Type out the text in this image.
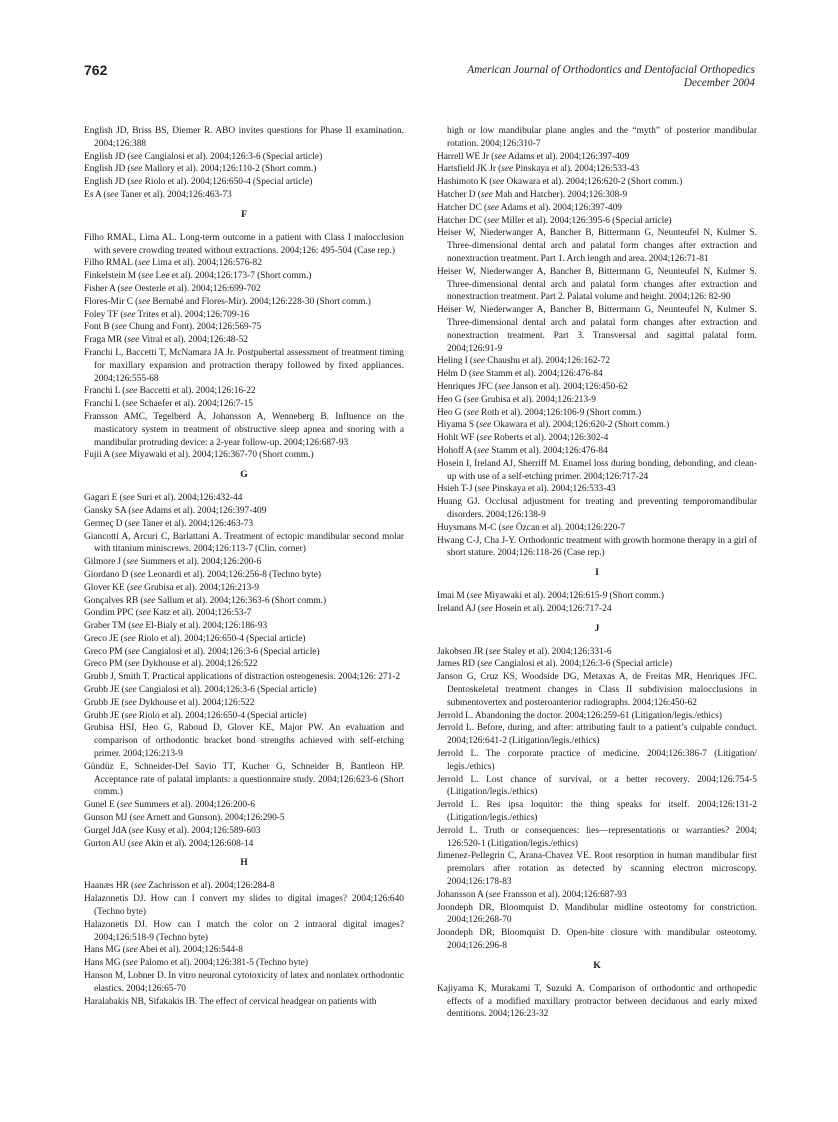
762	American Journal of Orthodontics and Dentofacial Orthopedics
December 2004
English JD, Briss BS, Diemer R. ABO invites questions for Phase II examination. 2004;126:388
English JD (see Cangialosi et al). 2004;126:3-6 (Special article)
English JD (see Mallory et al). 2004;126:110-2 (Short comm.)
English JD (see Riolo et al). 2004;126:650-4 (Special article)
Es A (see Taner et al). 2004;126:463-73
F
Filho RMAL, Lima AL. Long-term outcome in a patient with Class I malocclusion with severe crowding treated without extractions. 2004;126: 495-504 (Case rep.)
Filho RMAL (see Lima et al). 2004;126:576-82
Finkelstein M (see Lee et al). 2004;126:173-7 (Short comm.)
Fisher A (see Oesterle et al). 2004;126:699-702
Flores-Mir C (see Bernabé and Flores-Mir). 2004;126:228-30 (Short comm.)
Foley TF (see Trites et al). 2004;126:709-16
Font B (see Chung and Font). 2004;126:569-75
Fraga MR (see Vitral et al). 2004;126:48-52
Franchi L, Baccetti T, McNamara JA Jr. Postpubertal assessment of treatment timing for maxillary expansion and protraction therapy followed by fixed appliances. 2004;126:555-68
Franchi L (see Baccetti et al). 2004;126:16-22
Franchi L (see Schaefer et al). 2004;126:7-15
Fransson AMC, Tegelberd Å, Johansson A, Wenneberg B. Influence on the masticatory system in treatment of obstructive sleep apnea and snoring with a mandibular protruding device: a 2-year follow-up. 2004;126:687-93
Fujii A (see Miyawaki et al). 2004;126:367-70 (Short comm.)
G
Gagari E (see Suri et al). 2004;126:432-44
Gansky SA (see Adams et al). 2004;126:397-409
Germeç D (see Taner et al). 2004;126:463-73
Giancotti A, Arcuri C, Barlattani A. Treatment of ectopic mandibular second molar with titanium miniscrews. 2004;126:113-7 (Clin. corner)
Gilmore J (see Summers et al). 2004;126:200-6
Giordano D (see Leonardi et al). 2004;126:256-8 (Techno byte)
Glover KE (see Grubisa et al). 2004;126:213-9
Gonçalves RB (see Sallum et al). 2004;126:363-6 (Short comm.)
Gondim PPC (see Katz et al). 2004;126:53-7
Graber TM (see El-Bialy et al). 2004;126:186-93
Greco JE (see Riolo et al). 2004;126:650-4 (Special article)
Greco PM (see Cangialosi et al). 2004;126:3-6 (Special article)
Greco PM (see Dykhouse et al). 2004;126:522
Grubb J, Smith T. Practical applications of distraction osteogenesis. 2004;126: 271-2
Grubb JE (see Cangialosi et al). 2004;126:3-6 (Special article)
Grubb JE (see Dykhouse et al). 2004;126:522
Grubb JE (see Riolo et al). 2004;126:650-4 (Special article)
Grubisa HSI, Heo G, Raboud D, Glover KE, Major PW. An evaluation and comparison of orthodontic bracket bond strengths achieved with self-etching primer. 2004;126:213-9
Gündüz E, Schneider-Del Savio TT, Kucher G, Schneider B, Bantleon HP. Acceptance rate of palatal implants: a questionnaire study. 2004;126:623-6 (Short comm.)
Gunel E (see Summers et al). 2004;126:200-6
Gunson MJ (see Arnett and Gunson). 2004;126:290-5
Gurgel JdA (see Kusy et al). 2004;126:589-603
Gurton AU (see Akin et al). 2004;126:608-14
H
Haanæs HR (see Zachrisson et al). 2004;126:284-8
Halazonetis DJ. How can I convert my slides to digital images? 2004;126:640 (Techno byte)
Halazonetis DJ. How can I match the color on 2 intraoral digital images? 2004;126:518-9 (Techno byte)
Hans MG (see Abei et al). 2004;126:544-8
Hans MG (see Palomo et al). 2004;126:381-5 (Techno byte)
Hanson M, Lobner D. In vitro neuronal cytotoxicity of latex and nonlatex orthodontic elastics. 2004;126:65-70
Haralabakis NB, Sifakakis IB. The effect of cervical headgear on patients with
high or low mandibular plane angles and the “myth” of posterior mandibular rotation. 2004;126:310-7
Harrell WE Jr (see Adams et al). 2004;126:397-409
Hartsfield JK Jr (see Pinskaya et al). 2004;126:533-43
Hashimoto K (see Okawara et al). 2004;126:620-2 (Short comm.)
Hatcher D (see Mah and Hatcher). 2004;126:308-9
Hatcher DC (see Adams et al). 2004;126:397-409
Hatcher DC (see Miller et al). 2004;126:395-6 (Special article)
Heiser W, Niederwanger A, Bancher B, Bittermann G, Neunteufel N, Kulmer S. Three-dimensional dental arch and palatal form changes after extraction and nonextraction treatment. Part 1. Arch length and area. 2004;126:71-81
Heiser W, Niederwanger A, Bancher B, Bittermann G, Neunteufel N, Kulmer S. Three-dimensional dental arch and palatal form changes after extraction and nonextraction treatment. Part 2. Palatal volume and height. 2004;126: 82-90
Heiser W, Niederwanger A, Bancher B, Bittermann G, Neunteufel N, Kulmer S. Three-dimensional dental arch and palatal form changes after extraction and nonextraction treatment. Part 3. Transversal and sagittal palatal form. 2004;126:91-9
Heling I (see Chaushu et al). 2004;126:162-72
Helm D (see Stamm et al). 2004;126:476-84
Henriques JFC (see Janson et al). 2004;126:450-62
Heo G (see Grubisa et al). 2004;126:213-9
Heo G (see Roth et al). 2004;126:106-9 (Short comm.)
Hiyama S (see Okawara et al). 2004;126:620-2 (Short comm.)
Hohlt WF (see Roberts et al). 2004;126:302-4
Hohoff A (see Stamm et al). 2004;126:476-84
Hosein I, Ireland AJ, Sherriff M. Enamel loss during bonding, debonding, and clean-up with use of a self-etching primer. 2004;126:717-24
Hsieh T-J (see Pinskaya et al). 2004;126:533-43
Huang GJ. Occlusal adjustment for treating and preventing temporomandibular disorders. 2004;126:138-9
Huysmans M-C (see Özcan et al). 2004;126:220-7
Hwang C-J, Cha J-Y. Orthodontic treatment with growth hormone therapy in a girl of short stature. 2004;126:118-26 (Case rep.)
I
Imai M (see Miyawaki et al). 2004;126:615-9 (Short comm.)
Ireland AJ (see Hosein et al). 2004;126:717-24
J
Jakobsen JR (see Staley et al). 2004;126:331-6
James RD (see Cangialosi et al). 2004;126:3-6 (Special article)
Janson G, Cruz KS, Woodside DG, Metaxas A, de Freitas MR, Henriques JFC. Dentoskeletal treatment changes in Class II subdivision malocclusions in submentovertex and posteroanterior radiographs. 2004;126:450-62
Jerrold L. Abandoning the doctor. 2004;126:259-61 (Litigation/legis./ethics)
Jerrold L. Before, during, and after: attributing fault to a patient’s culpable conduct. 2004;126:641-2 (Litigation/legis./ethics)
Jerrold L. The corporate practice of medicine. 2004;126:386-7 (Litigation/ legis./ethics)
Jerrold L. Lost chance of survival, or a better recovery. 2004;126:754-5 (Litigation/legis./ethics)
Jerrold L. Res ipsa loquitor: the thing speaks for itself. 2004;126:131-2 (Litigation/legis./ethics)
Jerrold L. Truth or consequences: lies—representations or warranties? 2004; 126:520-1 (Litigation/legis./ethics)
Jimenez-Pellegrin C, Arana-Chavez VE. Root resorption in human mandibular first premolars after rotation as detected by scanning electron microscopy. 2004;126:178-83
Johansson A (see Fransson et al). 2004;126:687-93
Joondeph DR, Bloomquist D. Mandibular midline osteotomy for constriction. 2004;126:268-70
Joondeph DR, Bloomquist D. Open-bite closure with mandibular osteotomy. 2004;126:296-8
K
Kajiyama K, Murakami T, Suzuki A. Comparison of orthodontic and orthopedic effects of a modified maxillary protractor between deciduous and early mixed dentitions. 2004;126:23-32
